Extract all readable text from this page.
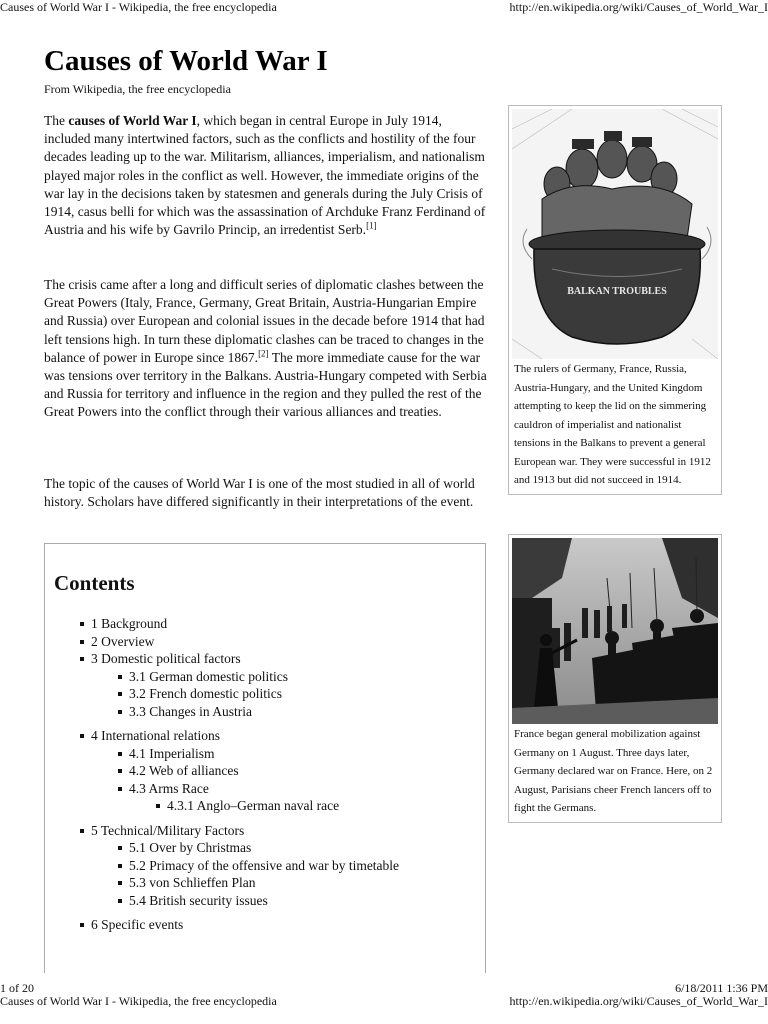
Causes of World War I - Wikipedia, the free encyclopedia	http://en.wikipedia.org/wiki/Causes_of_World_War_I
Causes of World War I
From Wikipedia, the free encyclopedia

The causes of World War I, which began in central Europe in July 1914, included many intertwined factors, such as the conflicts and hostility of the four decades leading up to the war. Militarism, alliances, imperialism, and nationalism played major roles in the conflict as well. However, the immediate origins of the war lay in the decisions taken by statesmen and generals during the July Crisis of 1914, casus belli for which was the assassination of Archduke Franz Ferdinand of Austria and his wife by Gavrilo Princip, an irredentist Serb.[1]

The crisis came after a long and difficult series of diplomatic clashes between the Great Powers (Italy, France, Germany, Great Britain, Austria-Hungarian Empire and Russia) over European and colonial issues in the decade before 1914 that had left tensions high. In turn these diplomatic clashes can be traced to changes in the balance of power in Europe since 1867.[2] The more immediate cause for the war was tensions over territory in the Balkans. Austria-Hungary competed with Serbia and Russia for territory and influence in the region and they pulled the rest of the Great Powers into the conflict through their various alliances and treaties.

The topic of the causes of World War I is one of the most studied in all of world history. Scholars have differed significantly in their interpretations of the event.

BALKAN TROUBLES
The rulers of Germany, France, Russia, Austria-Hungary, and the United Kingdom attempting to keep the lid on the simmering cauldron of imperialist and nationalist tensions in the Balkans to prevent a general European war. They were successful in 1912 and 1913 but did not succeed in 1914.
France began general mobilization against Germany on 1 August. Three days later, Germany declared war on France. Here, on 2 August, Parisians cheer French lancers off to fight the Germans.
Contents
1 Background
2 Overview
3 Domestic political factors
3.1 German domestic politics
3.2 French domestic politics
3.3 Changes in Austria
4 International relations
4.1 Imperialism
4.2 Web of alliances
4.3 Arms Race
4.3.1 Anglo–German naval race
5 Technical/Military Factors
5.1 Over by Christmas
5.2 Primacy of the offensive and war by timetable
5.3 von Schlieffen Plan
5.4 British security issues
6 Specific events
1 of 20	6/18/2011 1:36 PM
Causes of World War I - Wikipedia, the free encyclopedia	http://en.wikipedia.org/wiki/Causes_of_World_War_I
